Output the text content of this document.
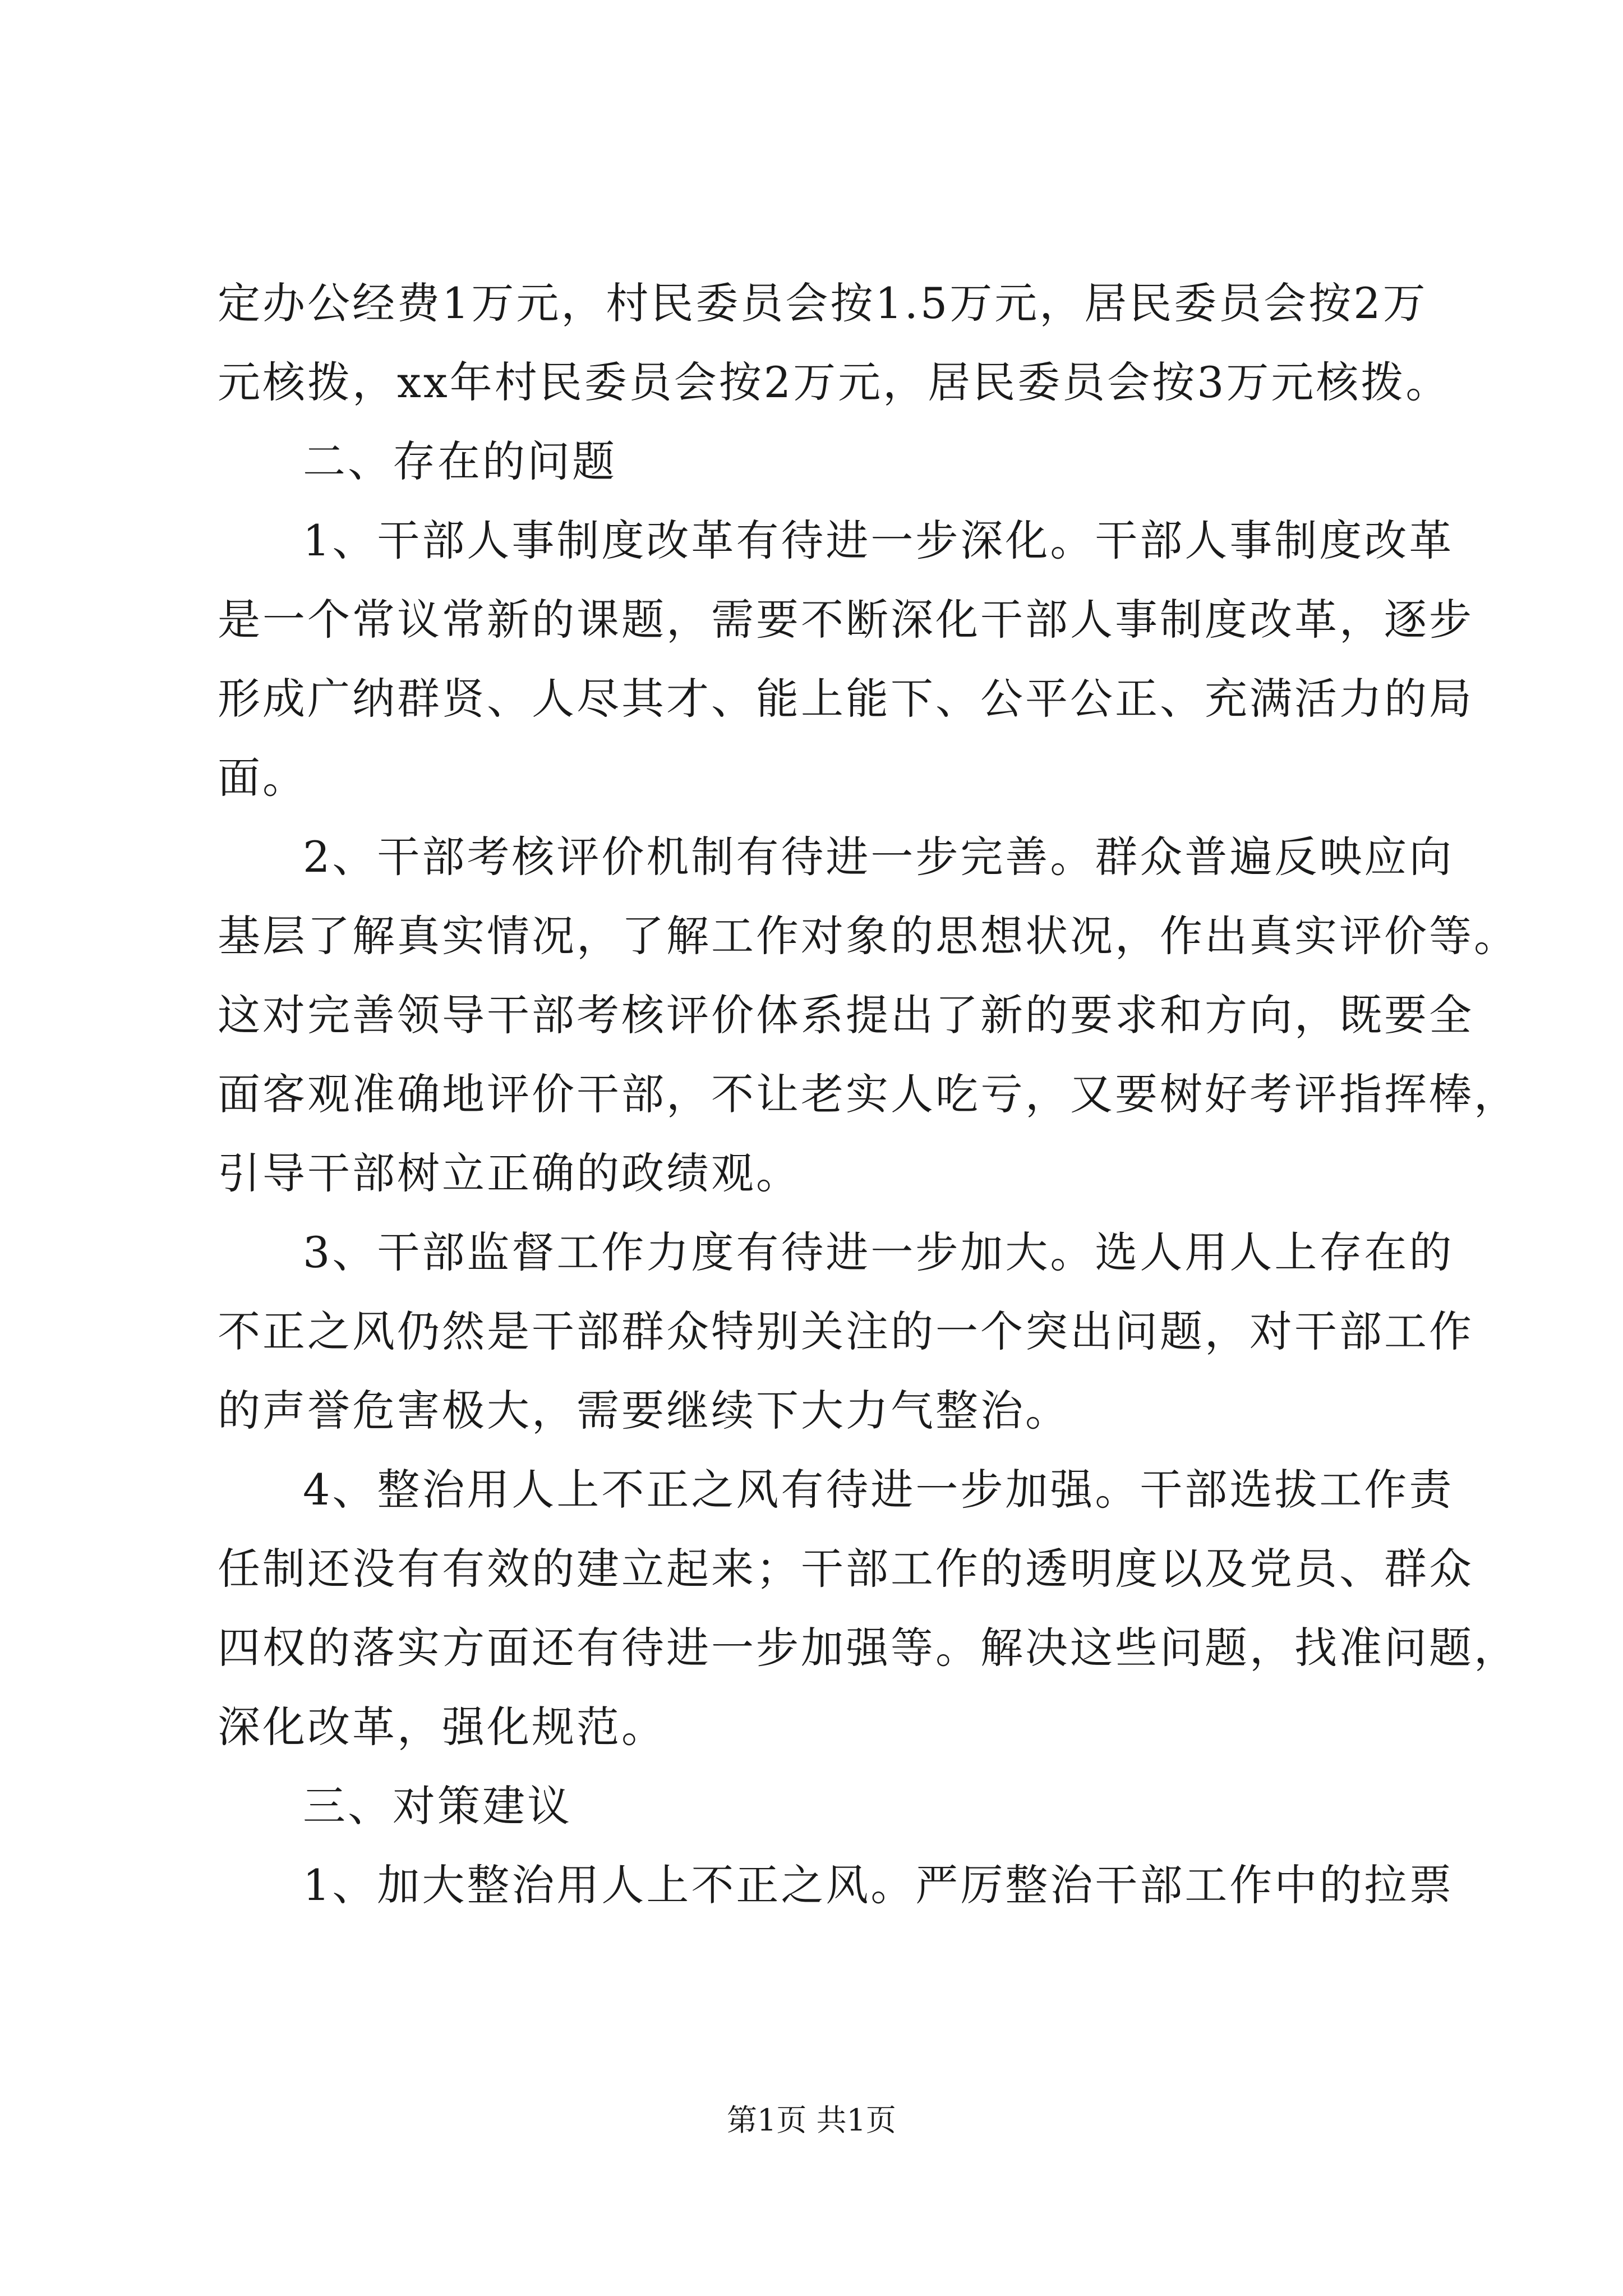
定办公经费1万元，村民委员会按1.5万元，居民委员会按2万
元核拨，xx年村民委员会按2万元，居民委员会按3万元核拨。
二、存在的问题
1、干部人事制度改革有待进一步深化。干部人事制度改革
是一个常议常新的课题，需要不断深化干部人事制度改革，逐步
形成广纳群贤、人尽其才、能上能下、公平公正、充满活力的局
面。
2、干部考核评价机制有待进一步完善。群众普遍反映应向
基层了解真实情况，了解工作对象的思想状况，作出真实评价等。
这对完善领导干部考核评价体系提出了新的要求和方向，既要全
面客观准确地评价干部，不让老实人吃亏，又要树好考评指挥棒，
引导干部树立正确的政绩观。
3、干部监督工作力度有待进一步加大。选人用人上存在的
不正之风仍然是干部群众特别关注的一个突出问题，对干部工作
的声誉危害极大，需要继续下大力气整治。
4、整治用人上不正之风有待进一步加强。干部选拔工作责
任制还没有有效的建立起来；干部工作的透明度以及党员、群众
四权的落实方面还有待进一步加强等。解决这些问题，找准问题，
深化改革，强化规范。
三、对策建议
1、加大整治用人上不正之风。严厉整治干部工作中的拉票
第1页 共1页
